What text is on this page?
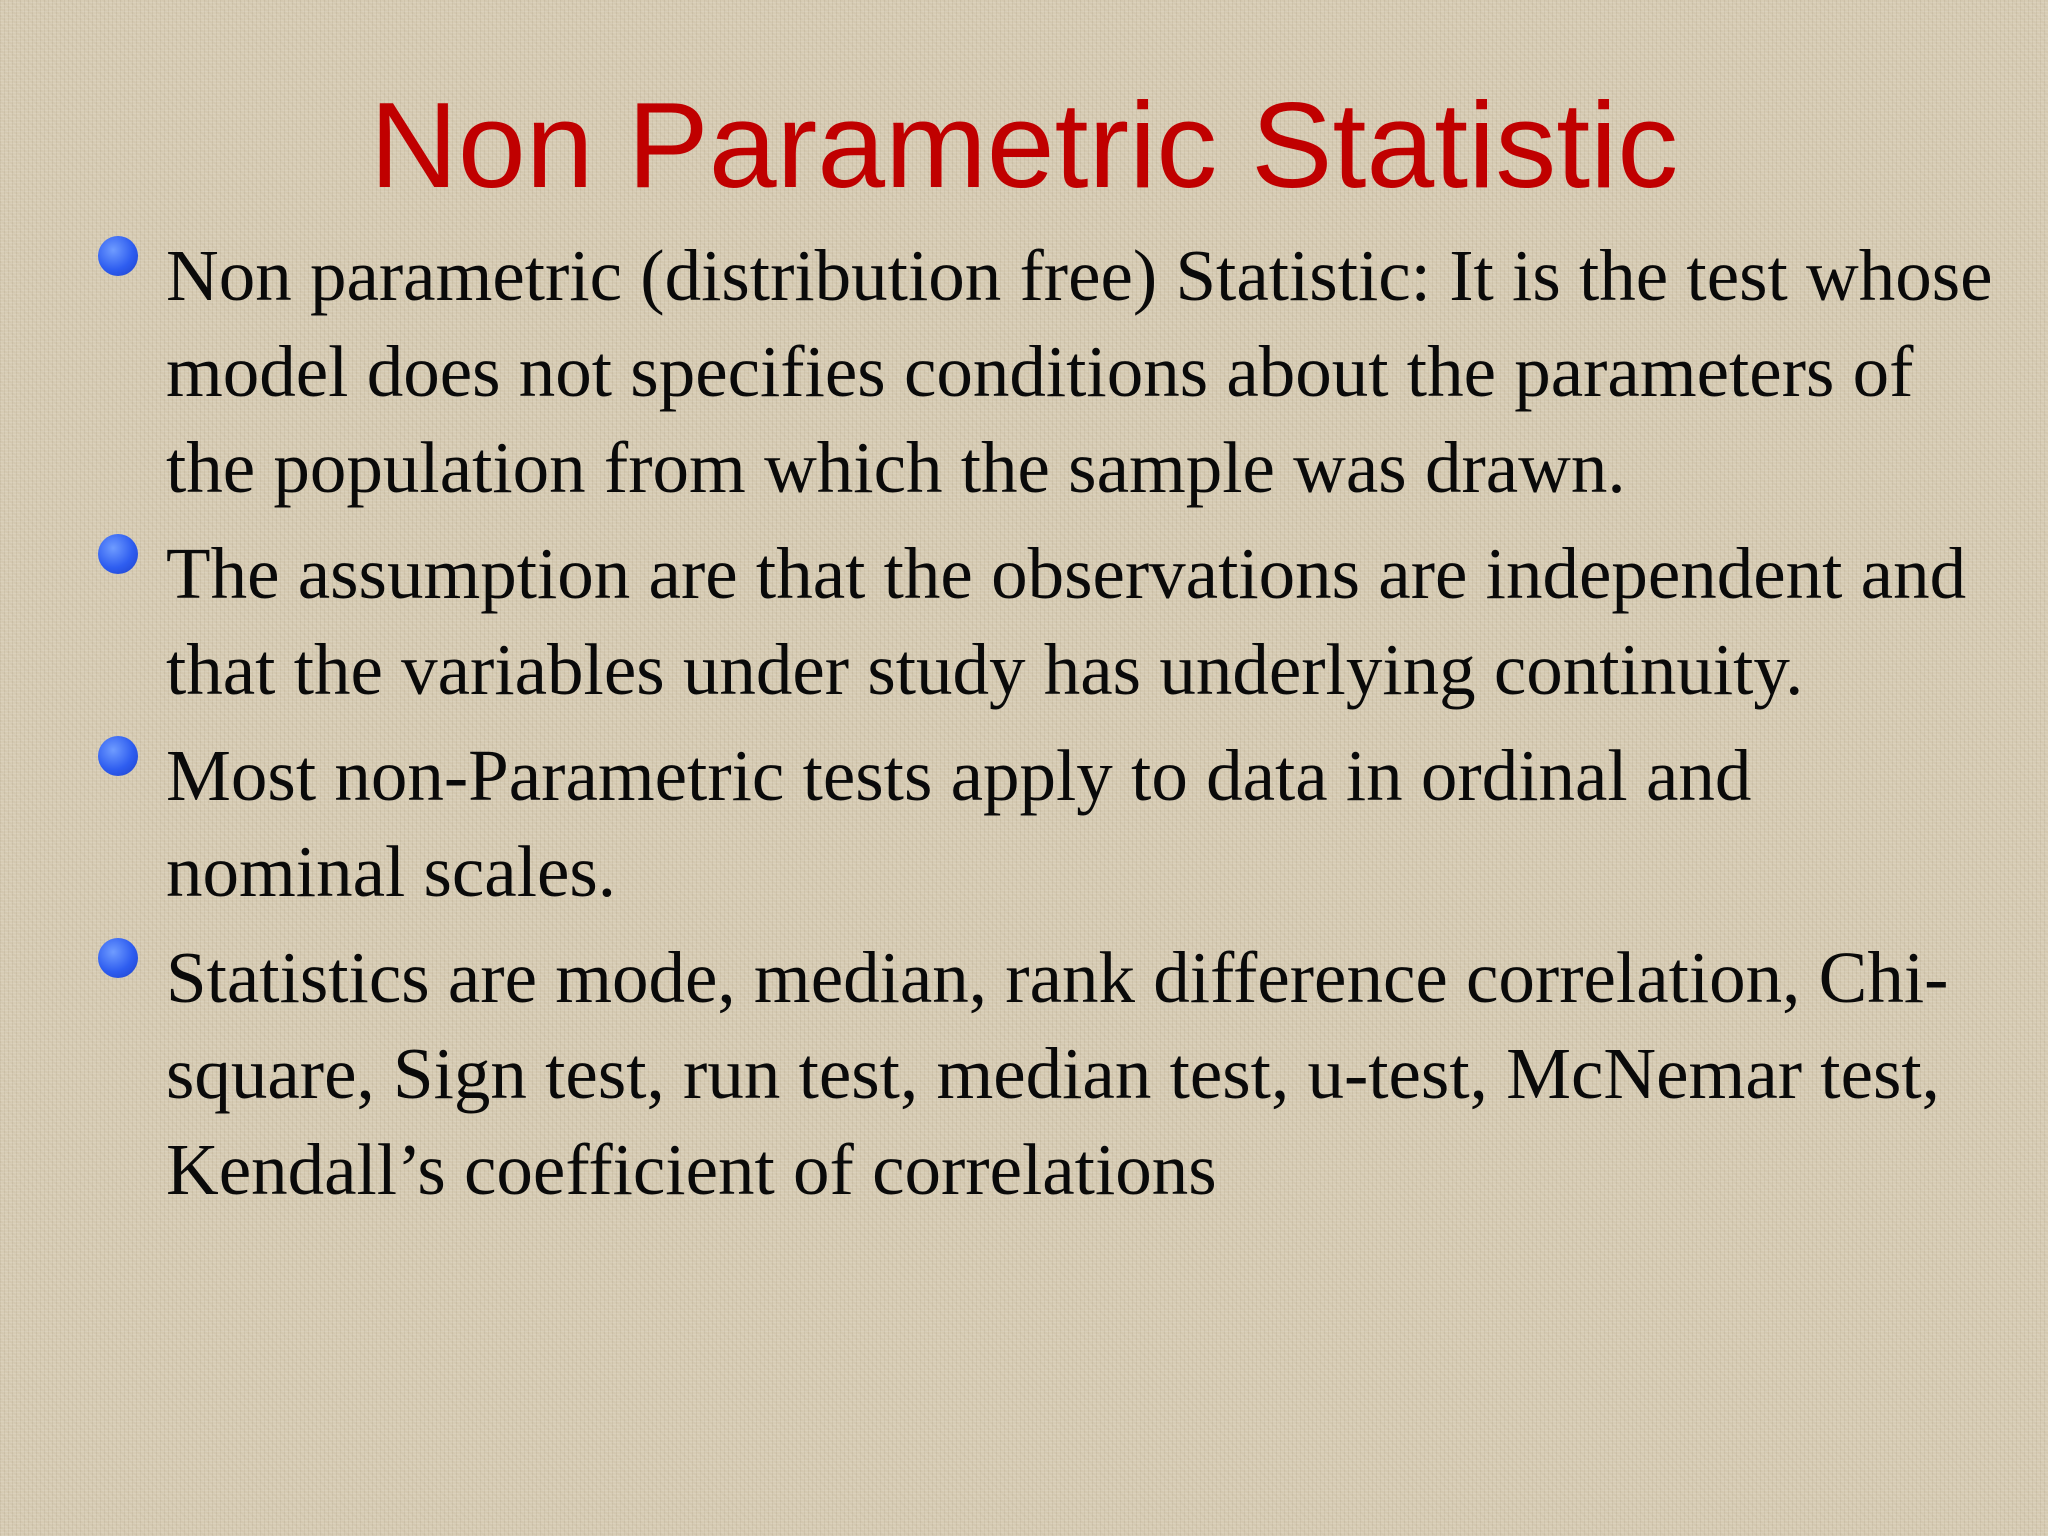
Non Parametric Statistic
Non parametric (distribution free) Statistic: It is the test whose model does not specifies conditions about the parameters of the population from which the sample was drawn.
The assumption are that the observations are independent and that the variables under study has underlying continuity.
Most non-Parametric tests apply to data in ordinal and nominal scales.
Statistics are mode, median, rank difference correlation, Chi-square, Sign test, run test, median test, u-test, McNemar test, Kendall’s coefficient of correlations
